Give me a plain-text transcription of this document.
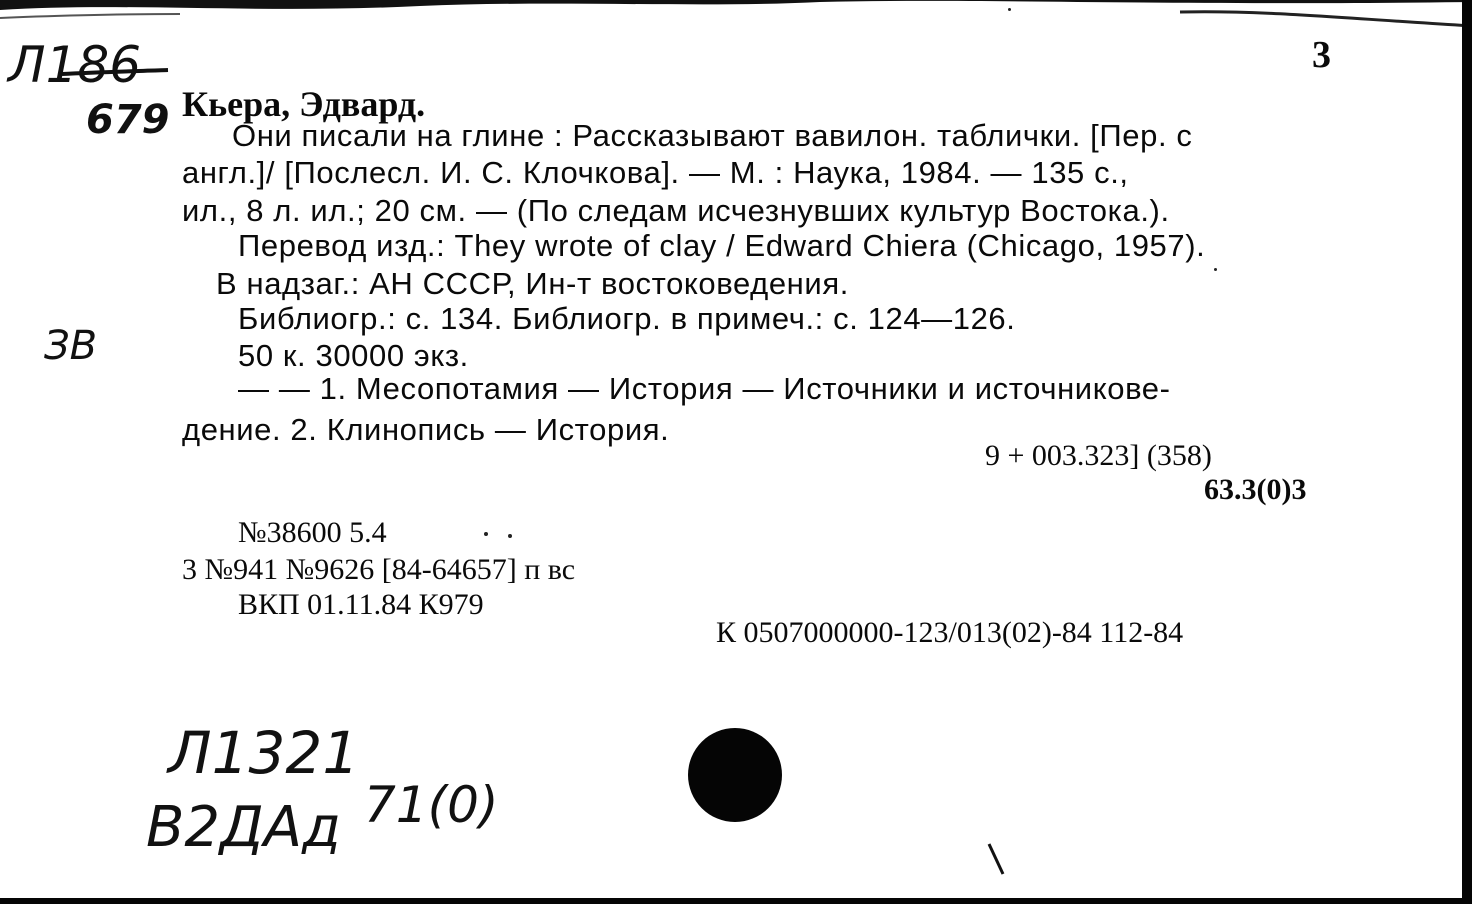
3
Л186
679 Кьера, Эдвард.
Они писали на глине : Рассказывают вавилон. таблички. [Пер. с
англ.]/ [Послесл. И. С. Клочкова]. — М. : Наука, 1984. — 135 с.,
ил., 8 л. ил.; 20 см. — (По следам исчезнувших культур Востока.).
Перевод изд.: They wrote of clay / Edward Chiera (Chicago, 1957).
В надзаг.: АН СССР, Ин-т востоковедения.
Библиогр.: с. 134. Библиогр. в примеч.: с. 124—126.
50 к. 30000 экз.
— — 1. Месопотамия — История — Источники и источникове-
дение. 2. Клинопись — История.
ЗВ
9 + 003.323] (358)
63.3(0)3
№38600 5.4
3 №941 №9626 [84-64657] п вс
ВКП 01.11.84 К979
К 0507000000-123/013(02)-84 112-84
Л1321
В2ДАд 71(0)
